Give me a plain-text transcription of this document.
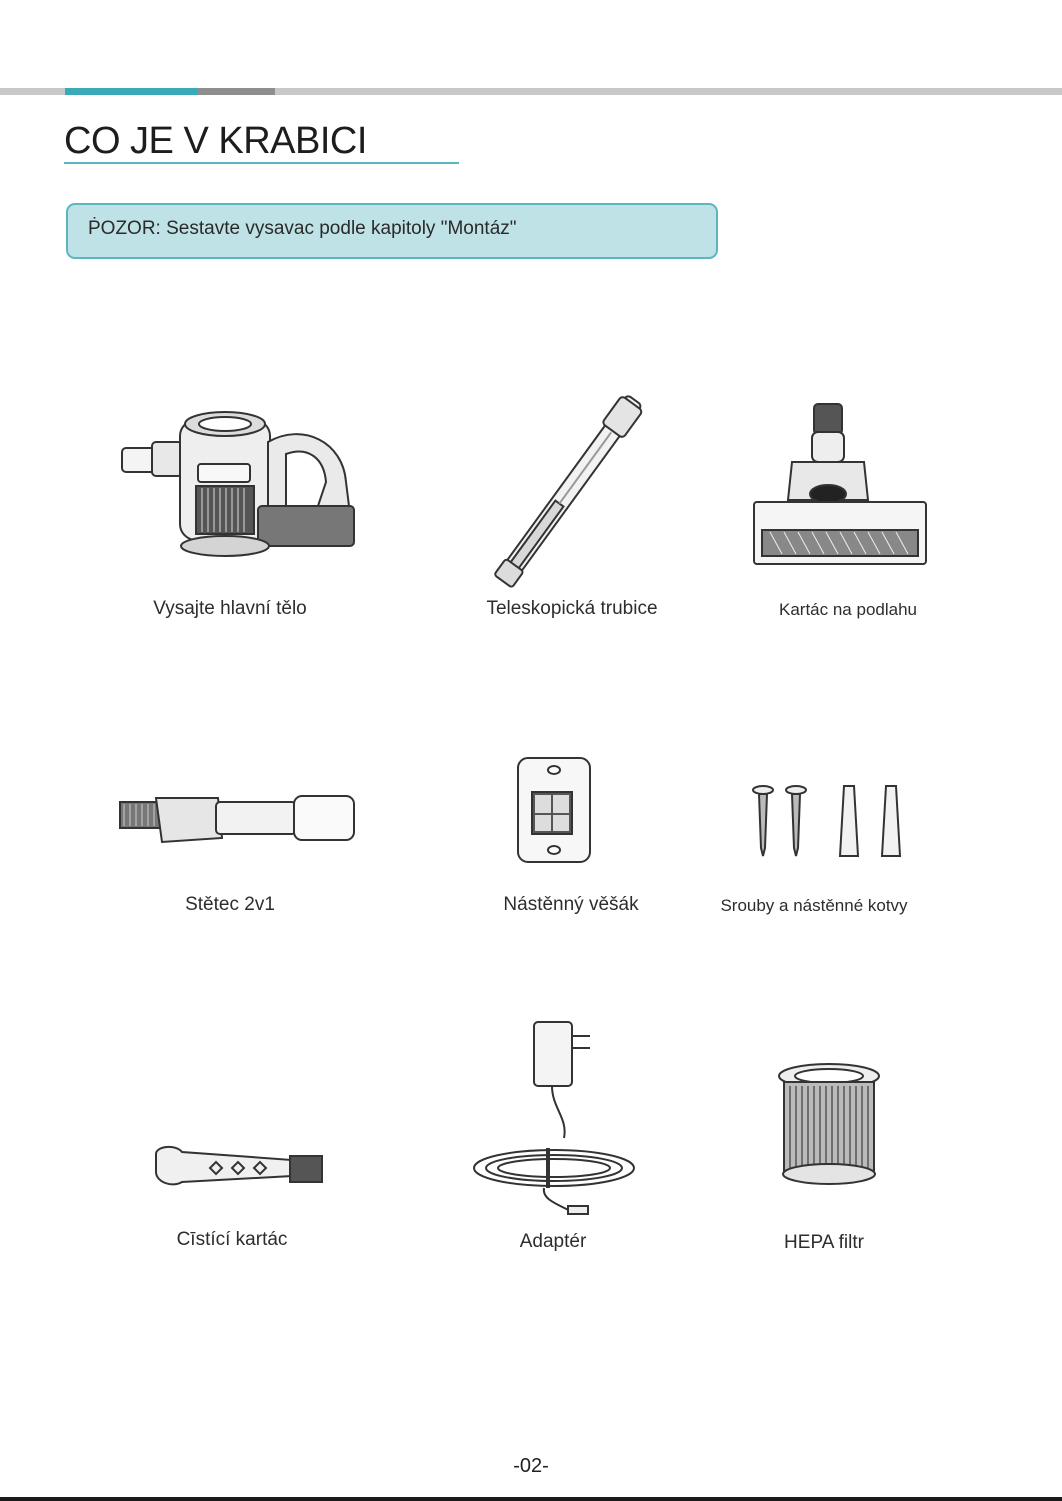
CO JE V KRABICI
ṖOZOR: Sestavte vysavac podle kapitoly "Montáz"
Vysajte hlavní tělo	Teleskopická trubice	Kartác na podlahu
Stětec 2v1	Nástěnný věšák	Srouby a nástěnné kotvy
Cīstící kartác	Adaptér	HEPA filtr
-02-
